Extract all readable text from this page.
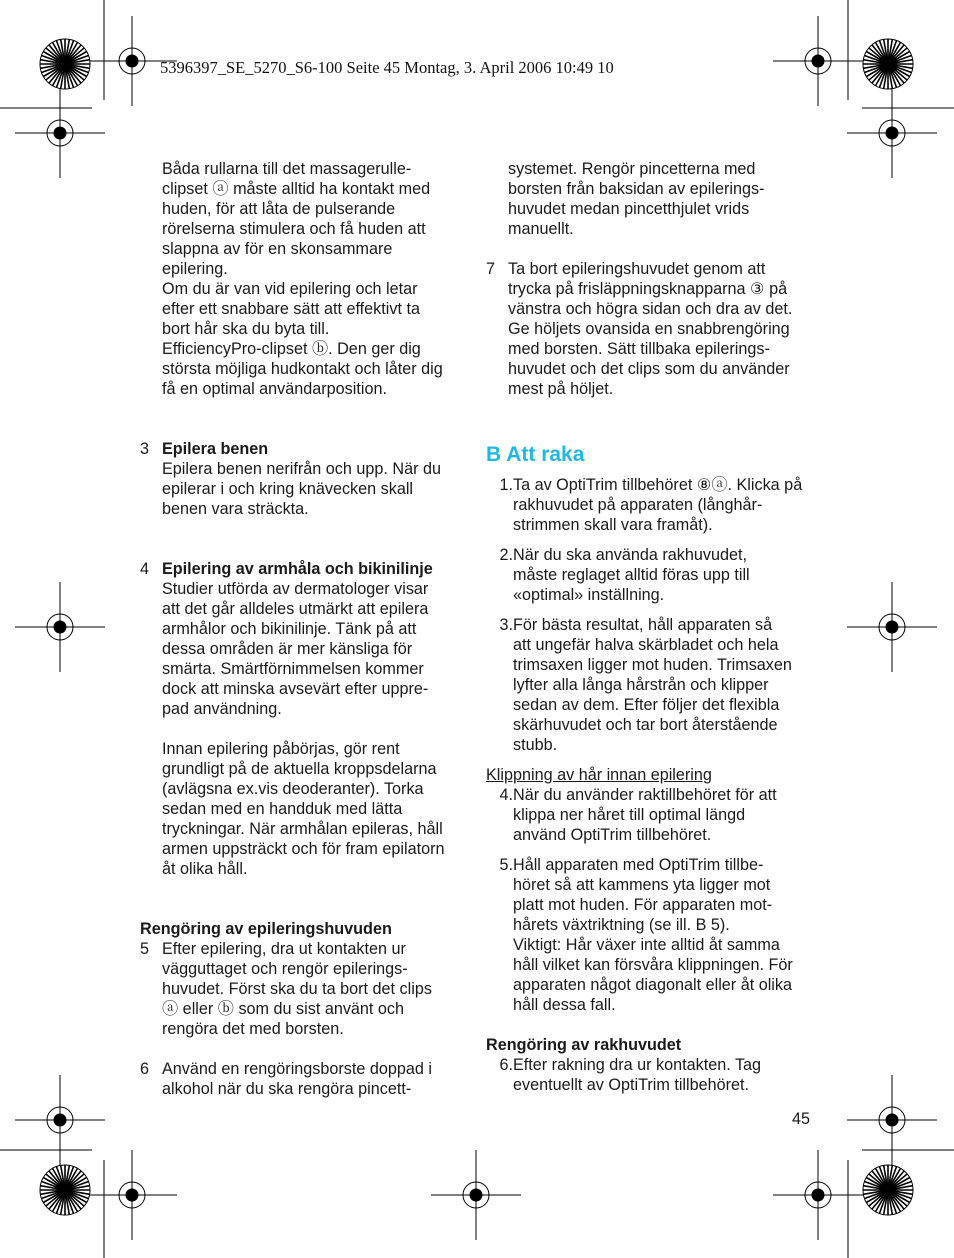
5396397_SE_5270_S6-100 Seite 45 Montag, 3. April 2006 10:49 10
Båda rullarna till det massagerulle-
clipset ⓐ måste alltid ha kontakt med
huden, för att låta de pulserande
rörelserna stimulera och få huden att
slappna av för en skonsammare
epilering.
Om du är van vid epilering och letar
efter ett snabbare sätt att effektivt ta
bort hår ska du byta till.
EfficiencyPro-clipset ⓑ. Den ger dig
största möjliga hudkontakt och låter dig
få en optimal användarposition.
3 Epilera benen
Epilera benen nerifrån och upp. När du
epilerar i och kring knävecken skall
benen vara sträckta.
4 Epilering av armhåla och bikinilinje
Studier utförda av dermatologer visar
att det går alldeles utmärkt att epilera
armhålor och bikinilinje. Tänk på att
dessa områden är mer känsliga för
smärta. Smärtförnimmelsen kommer
dock att minska avsevärt efter uppre-
pad användning.
Innan epilering påbörjas, gör rent
grundligt på de aktuella kroppsdelarna
(avlägsna ex.vis deoderanter). Torka
sedan med en handduk med lätta
tryckningar. När armhålan epileras, håll
armen uppsträckt och för fram epilatorn
åt olika håll.
Rengöring av epileringshuvuden
5 Efter epilering, dra ut kontakten ur
vägguttaget och rengör epilerings-
huvudet. Först ska du ta bort det clips
ⓐ eller ⓑ som du sist använt och
rengöra det med borsten.
6 Använd en rengöringsborste doppad i
alkohol när du ska rengöra pincett-
systemet. Rengör pincetterna med
borsten från baksidan av epilerings-
huvudet medan pincetthjulet vrids
manuellt.
7 Ta bort epileringshuvudet genom att
trycka på frisläppningsknapparna ③ på
vänstra och högra sidan och dra av det.
Ge höljets ovansida en snabbrengöring
med borsten. Sätt tillbaka epilerings-
huvudet och det clips som du använder
mest på höljet.
B Att raka
1. Ta av OptiTrim tillbehöret ⑧ⓐ. Klicka på
rakhuvudet på apparaten (långhår-
strimmen skall vara framåt).
2. När du ska använda rakhuvudet,
måste reglaget alltid föras upp till
«optimal» inställning.
3. För bästa resultat, håll apparaten så
att ungefär halva skärbladet och hela
trimsaxen ligger mot huden. Trimsaxen
lyfter alla långa hårstrån och klipper
sedan av dem. Efter följer det flexibla
skärhuvudet och tar bort återstående
stubb.
Klippning av hår innan epilering
4. När du använder raktillbehöret för att
klippa ner håret till optimal längd
använd OptiTrim tillbehöret.
5. Håll apparaten med OptiTrim tillbe-
höret så att kammens yta ligger mot
platt mot huden. För apparaten mot-
hårets växtriktning (se ill. B 5).
Viktigt: Hår växer inte alltid åt samma
håll vilket kan försvåra klippningen. För
apparaten något diagonalt eller åt olika
håll dessa fall.
Rengöring av rakhuvudet
6. Efter rakning dra ur kontakten. Tag
eventuellt av OptiTrim tillbehöret.
45
